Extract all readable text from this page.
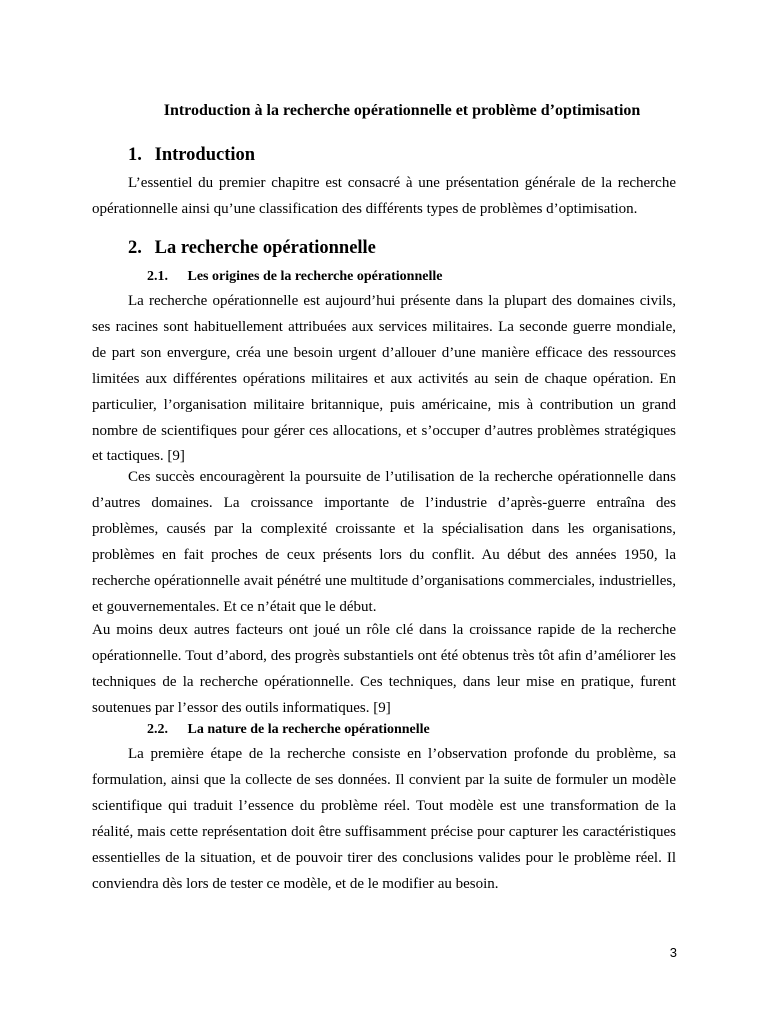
Introduction à la recherche opérationnelle et problème d’optimisation
1. Introduction

L’essentiel du premier chapitre est consacré à une présentation générale de la recherche opérationnelle ainsi qu’une classification des différents types de problèmes d’optimisation.

2. La recherche opérationnelle
2.1. Les origines de la recherche opérationnelle

La recherche opérationnelle est aujourd’hui présente dans la plupart des domaines civils, ses racines sont habituellement attribuées aux services militaires. La seconde guerre mondiale, de part son envergure, créa une besoin urgent d’allouer d’une manière efficace des ressources limitées aux différentes opérations militaires et aux activités au sein de chaque opération. En particulier, l’organisation militaire britannique, puis américaine, mis à contribution un grand nombre de scientifiques pour gérer ces allocations, et s’occuper d’autres problèmes stratégiques et tactiques. [9]

Ces succès encouragèrent la poursuite de l’utilisation de la recherche opérationnelle dans d’autres domaines. La croissance importante de l’industrie d’après-guerre entraîna des problèmes, causés par la complexité croissante et la spécialisation dans les organisations, problèmes en fait proches de ceux présents lors du conflit. Au début des années 1950, la recherche opérationnelle avait pénétré une multitude d’organisations commerciales, industrielles, et gouvernementales. Et ce n’était que le début.

Au moins deux autres facteurs ont joué un rôle clé dans la croissance rapide de la recherche opérationnelle. Tout d’abord, des progrès substantiels ont été obtenus très tôt afin d’améliorer les techniques de la recherche opérationnelle. Ces techniques, dans leur mise en pratique, furent soutenues par l’essor des outils informatiques. [9]

2.2. La nature de la recherche opérationnelle

La première étape de la recherche consiste en l’observation profonde du problème, sa formulation, ainsi que la collecte de ses données. Il convient par la suite de formuler un modèle scientifique qui traduit l’essence du problème réel. Tout modèle est une transformation de la réalité, mais cette représentation doit être suffisamment précise pour capturer les caractéristiques essentielles de la situation, et de pouvoir tirer des conclusions valides pour le problème réel. Il conviendra dès lors de tester ce modèle, et de le modifier au besoin.

3
